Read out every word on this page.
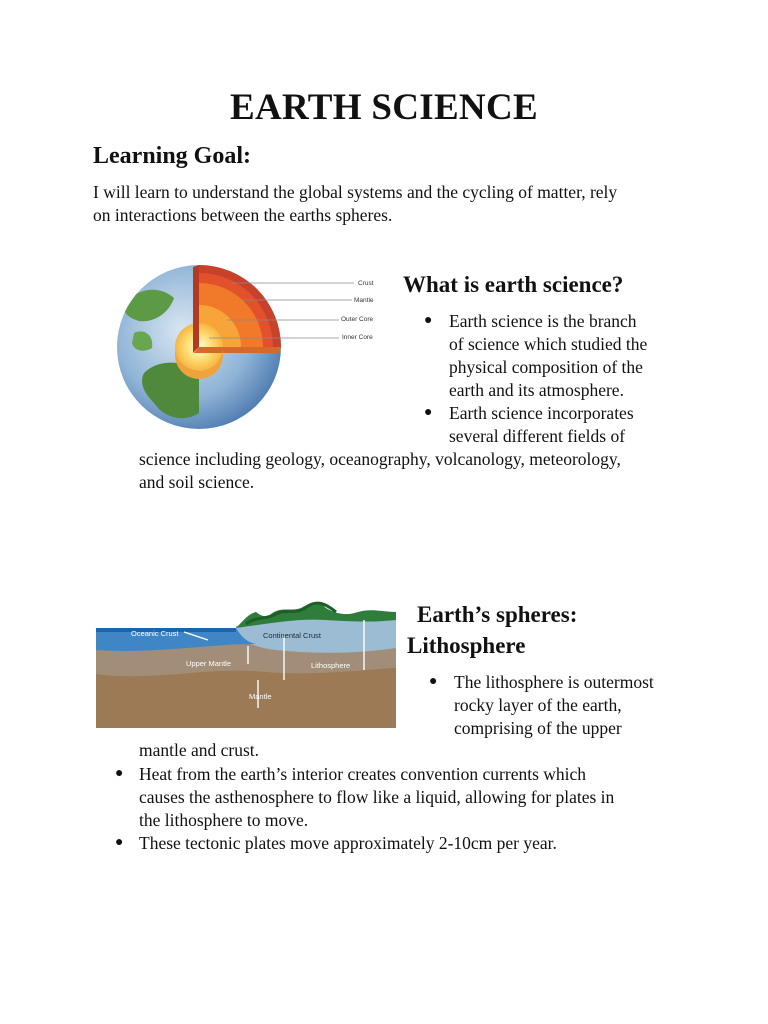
EARTH SCIENCE
Learning Goal:
I will learn to understand the global systems and the cycling of matter, rely
on interactions between the earths spheres.
Crust
Mantle
Outer Core
Inner Core
What is earth science?
● Earth science is the branch
of science which studied the
physical composition of the
earth and its atmosphere.
● Earth science incorporates
several different fields of
science including geology, oceanography, volcanology, meteorology,
and soil science.
Oceanic Crust
Upper Mantle	Lithosphere
Mantle
Continental Crust
Earth’s spheres:
Lithosphere
● The lithosphere is outermost
rocky layer of the earth,
comprising of the upper
mantle and crust.
● Heat from the earth’s interior creates convention currents which
causes the asthenosphere to flow like a liquid, allowing for plates in
the lithosphere to move.
● These tectonic plates move approximately 2-10cm per year.
